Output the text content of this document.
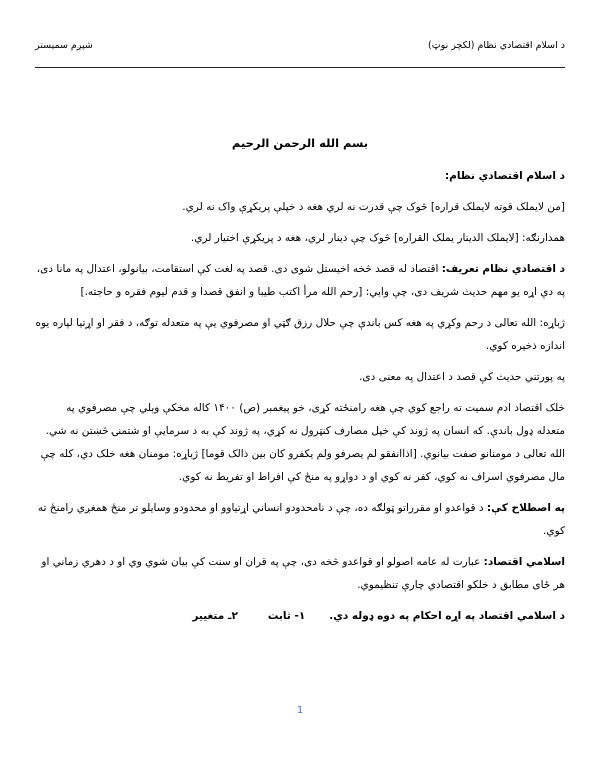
د اسلام اقتصادي نظام (لکچر نوټ)
شپږم سمیستر

بسم الله الرحمن الرحیم

د اسلام اقتصادي نظام:

[من لایملک قوته لایملک قراره] څوک چې قدرت نه لري هغه د خپلې پریکړې واک نه لري.

همدارنګه: [لایملک الدینار یملک القراره] څوک چې دینار لري، هغه د پریکړې اختیار لري.

د اقتصادي نظام تعریف: اقتصاد له قصد څخه اخیستل شوی دی. قصد په لغت کې استقامت، بیانولو، اعتدال په مانا دی، په دې اړه یو مهم حدیث شریف دی، چې وایي: [رحم الله مرأ اکتب طیبا و انفق قصدا و قدم لیوم فقره و حاجته.]

ژباړه: الله تعالی د رحم وکړي په هغه کس باندې چې حلال رزق ګټي او مصرفوي يې په متعدله توګه، د فقر او اړتیا لپاره یوه اندازه ذخیره کوي.

په پورتني حدیث کې قصد د اعتدال په معنی دی.

خلک اقتصاد ادم سمیت ته راجع کوي چې هغه رامنځته کړی، خو پیغمبر (ص) ۱۴۰۰ کاله مخکې وېلي چې مصرفوي په متعدله ډول باندې. که انسان په ژوند کې خپل مصارف کنټرول نه کړي، په ژوند کې به د سرمایې او شتمنۍ څښتن نه شي. الله تعالی د مومنانو صفت بیانوي. [اذاانفقو لم یصرفو ولم یکفرو کان بین ذالک قوما] ژباړه: مومنان هغه خلک دي، کله چې مال مصرفوي اسراف نه کوي، کفر نه کوي او د دواړو په منځ کې افراط او تفریط نه کوي.

په اصطلاح کې: د قواعدو او مقرراتو ټولګه ده، چې د نامحدودو انساني اړتیاوو او محدودو وسایلو تر منځ همغږي رامنځ ته کوي.

اسلامي اقتصاد: عبارت له عامه اصولو او قواعدو څخه دی، چې په قران او سنت کې بیان شوي وي او د دهري زماني او هر ځای مطابق د خلکو اقتصادي چارې تنظیموي.

د اسلامي اقتصاد په اړه احکام په دوه ډوله دي.
۱- ثابت
۲ـ متغییر
1
